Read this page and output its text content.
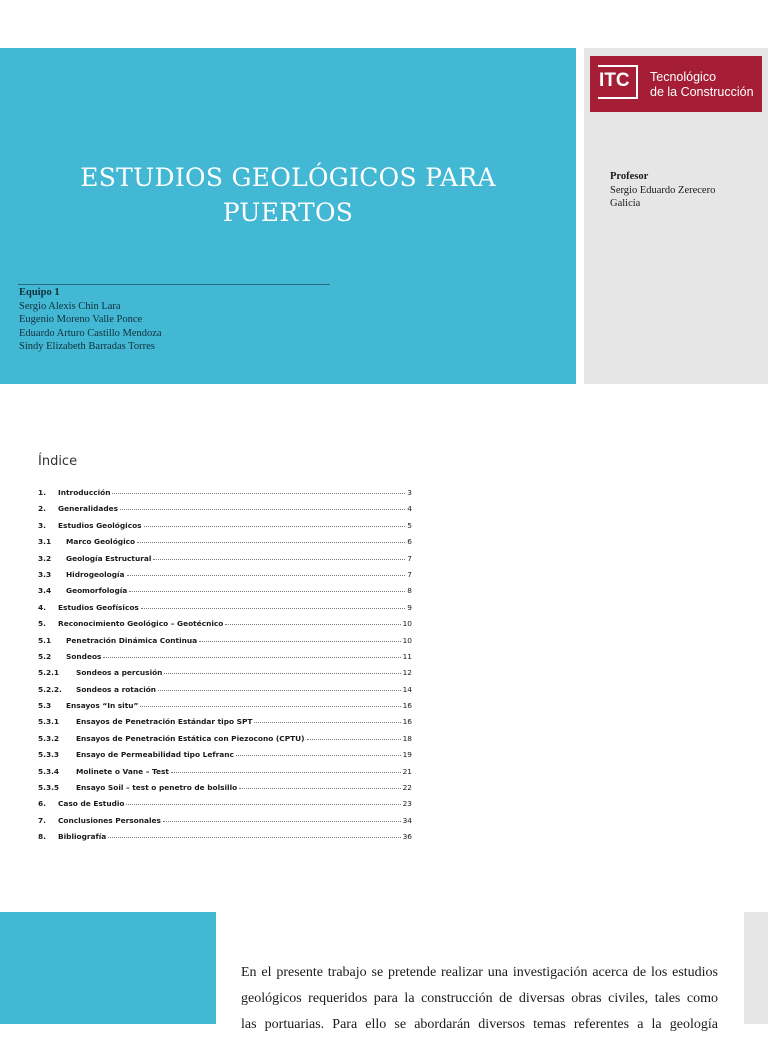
ESTUDIOS GEOLÓGICOS PARA
PUERTOS
Equipo 1
Sergio Alexis Chin Lara
Eugenio Moreno Valle Ponce
Eduardo Arturo Castillo Mendoza
Sindy Elizabeth Barradas Torres
ITC Tecnológico
de la Construcción
Profesor
Sergio Eduardo Zerecero
Galicia
Índice
1.	Introducción	3
2.	Generalidades	4
3.	Estudios Geológicos	5
3.1	Marco Geológico	6
3.2	Geología Estructural	7
3.3	Hidrogeología	7
3.4	Geomorfología	8
4.	Estudios Geofísicos	9
5.	Reconocimiento Geológico – Geotécnico	10
5.1	Penetración Dinámica Continua	10
5.2	Sondeos	11
5.2.1	Sondeos a percusión	12
5.2.2.	Sondeos a rotación	14
5.3	Ensayos “In situ”	16
5.3.1	Ensayos de Penetración Estándar tipo SPT	16
5.3.2	Ensayos de Penetración Estática con Piezocono (CPTU)	18
5.3.3	Ensayo de Permeabilidad tipo Lefranc	19
5.3.4	Molinete o Vane – Test	21
5.3.5	Ensayo Soil – test o penetro de bolsillo	22
6.	Caso de Estudio	23
7.	Conclusiones Personales	34
8.	Bibliografía	36
En el presente trabajo se pretende realizar una investigación acerca de los estudios
geológicos requeridos para la construcción de diversas obras civiles, tales como
las portuarias. Para ello se abordarán diversos temas referentes a la geología
